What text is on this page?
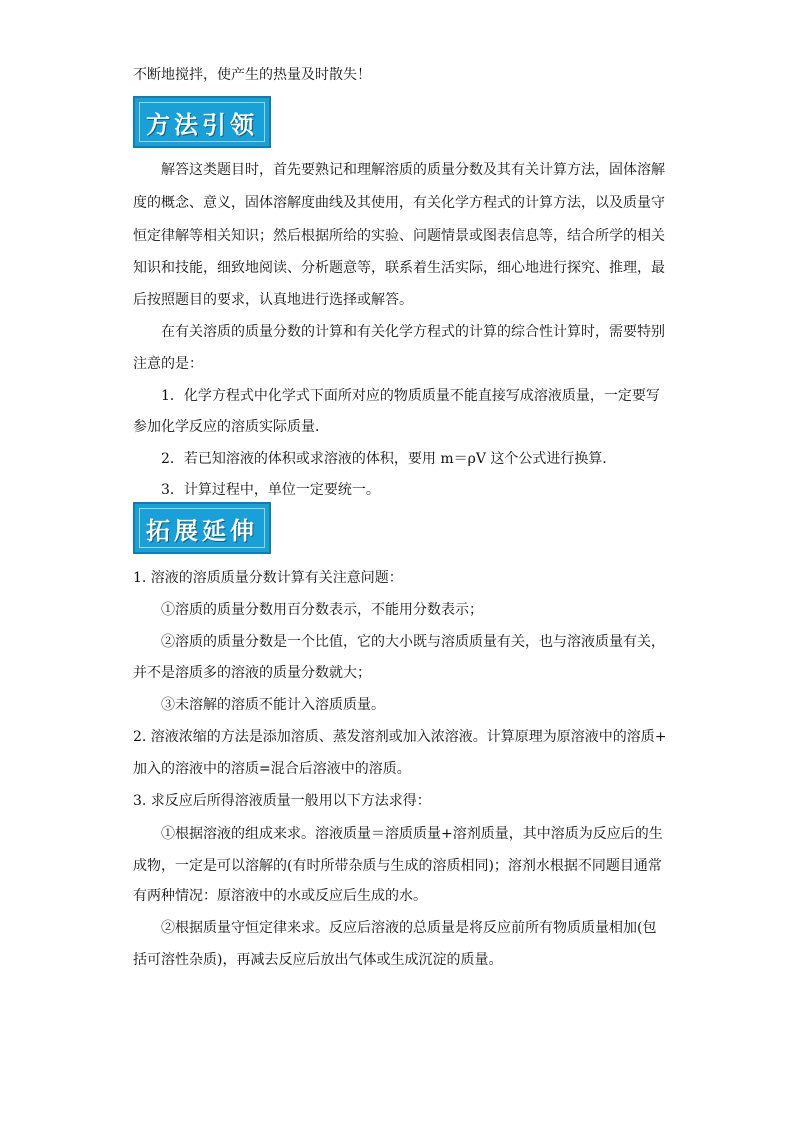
不断地搅拌，使产生的热量及时散失！
方法引领
解答这类题目时，首先要熟记和理解溶质的质量分数及其有关计算方法，固体溶解
度的概念、意义，固体溶解度曲线及其使用，有关化学方程式的计算方法，以及质量守
恒定律解等相关知识；然后根据所给的实验、问题情景或图表信息等，结合所学的相关
知识和技能，细致地阅读、分析题意等，联系着生活实际，细心地进行探究、推理，最
后按照题目的要求，认真地进行选择或解答。
在有关溶质的质量分数的计算和有关化学方程式的计算的综合性计算时，需要特别
注意的是：
1．化学方程式中化学式下面所对应的物质质量不能直接写成溶液质量，一定要写
参加化学反应的溶质实际质量．
2．若已知溶液的体积或求溶液的体积，要用 m＝ρV 这个公式进行换算．
3．计算过程中，单位一定要统一。
拓展延伸
1. 溶液的溶质质量分数计算有关注意问题：
①溶质的质量分数用百分数表示，不能用分数表示；
②溶质的质量分数是一个比值，它的大小既与溶质质量有关，也与溶液质量有关，
并不是溶质多的溶液的质量分数就大；
③未溶解的溶质不能计入溶质质量。
2. 溶液浓缩的方法是添加溶质、蒸发溶剂或加入浓溶液。计算原理为原溶液中的溶质+
加入的溶液中的溶质=混合后溶液中的溶质。
3. 求反应后所得溶液质量一般用以下方法求得：
①根据溶液的组成来求。溶液质量＝溶质质量+溶剂质量，其中溶质为反应后的生
成物，一定是可以溶解的(有时所带杂质与生成的溶质相同)；溶剂水根据不同题目通常
有两种情况：原溶液中的水或反应后生成的水。
②根据质量守恒定律来求。反应后溶液的总质量是将反应前所有物质质量相加(包
括可溶性杂质)，再减去反应后放出气体或生成沉淀的质量。
